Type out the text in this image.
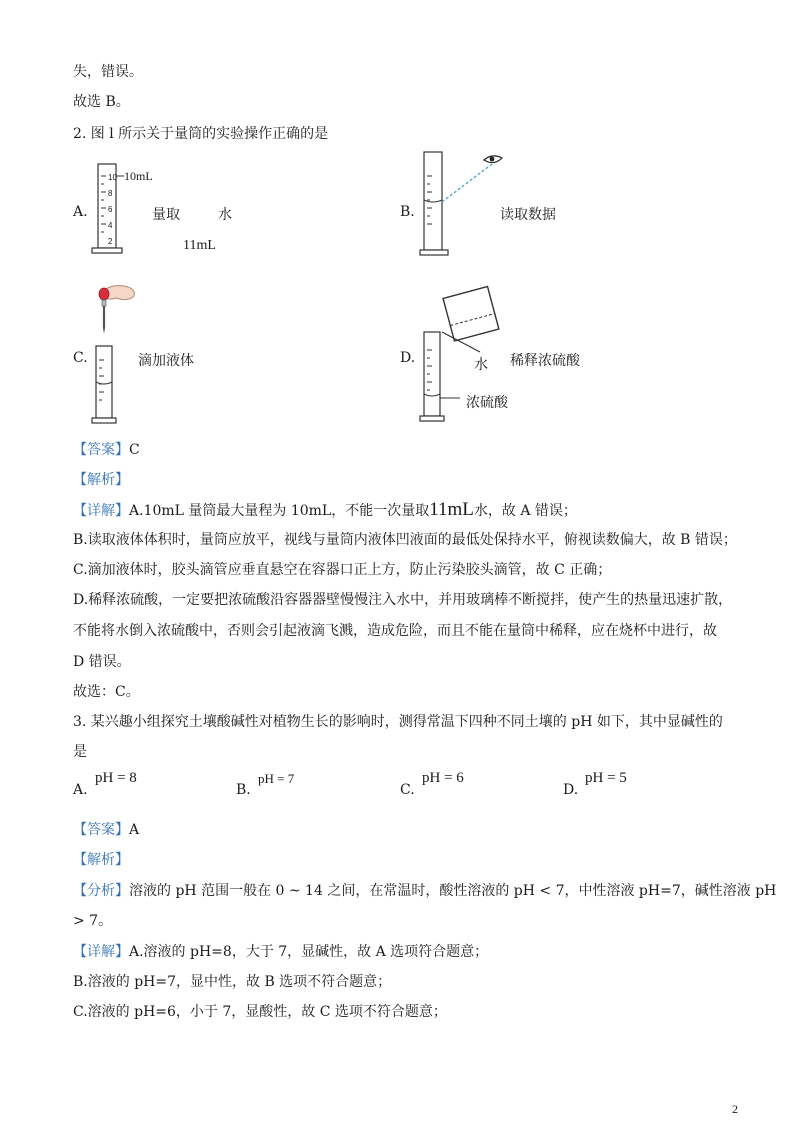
失，错误。
故选 B。
2. 图 l 所示关于量筒的实验操作正确的是
A.
10
8
6
4
2
10mL
量取	水
11mL
B.	读取数据
C.	滴加液体	D.	水 稀释浓硫酸
浓硫酸
【答案】C
【解析】
【详解】A.10mL 量筒最大量程为 10mL，不能一次量取11mL水，故 A 错误；
B.读取液体体积时，量筒应放平，视线与量筒内液体凹液面的最低处保持水平，俯视读数偏大，故 B 错误；
C.滴加液体时，胶头滴管应垂直悬空在容器口正上方，防止污染胶头滴管，故 C 正确；
D.稀释浓硫酸，一定要把浓硫酸沿容器器壁慢慢注入水中，并用玻璃棒不断搅拌，使产生的热量迅速扩散，
不能将水倒入浓硫酸中，否则会引起液滴飞溅，造成危险，而且不能在量筒中稀释，应在烧杯中进行，故
D 错误。
故选：C。
3. 某兴趣小组探究土壤酸碱性对植物生长的影响时，测得常温下四种不同土壤的 pH 如下，其中显碱性的
是
A.
pH = 8
B.
pH = 7
C.
pH = 6
D.
pH = 5
【答案】A
【解析】
【分析】溶液的 pH 范围一般在 0 ~ 14 之间，在常温时，酸性溶液的 pH < 7，中性溶液 pH=7，碱性溶液 pH
> 7。
【详解】A.溶液的 pH=8，大于 7，显碱性，故 A 选项符合题意；
B.溶液的 pH=7，显中性，故 B 选项不符合题意；
C.溶液的 pH=6，小于 7，显酸性，故 C 选项不符合题意；
2
